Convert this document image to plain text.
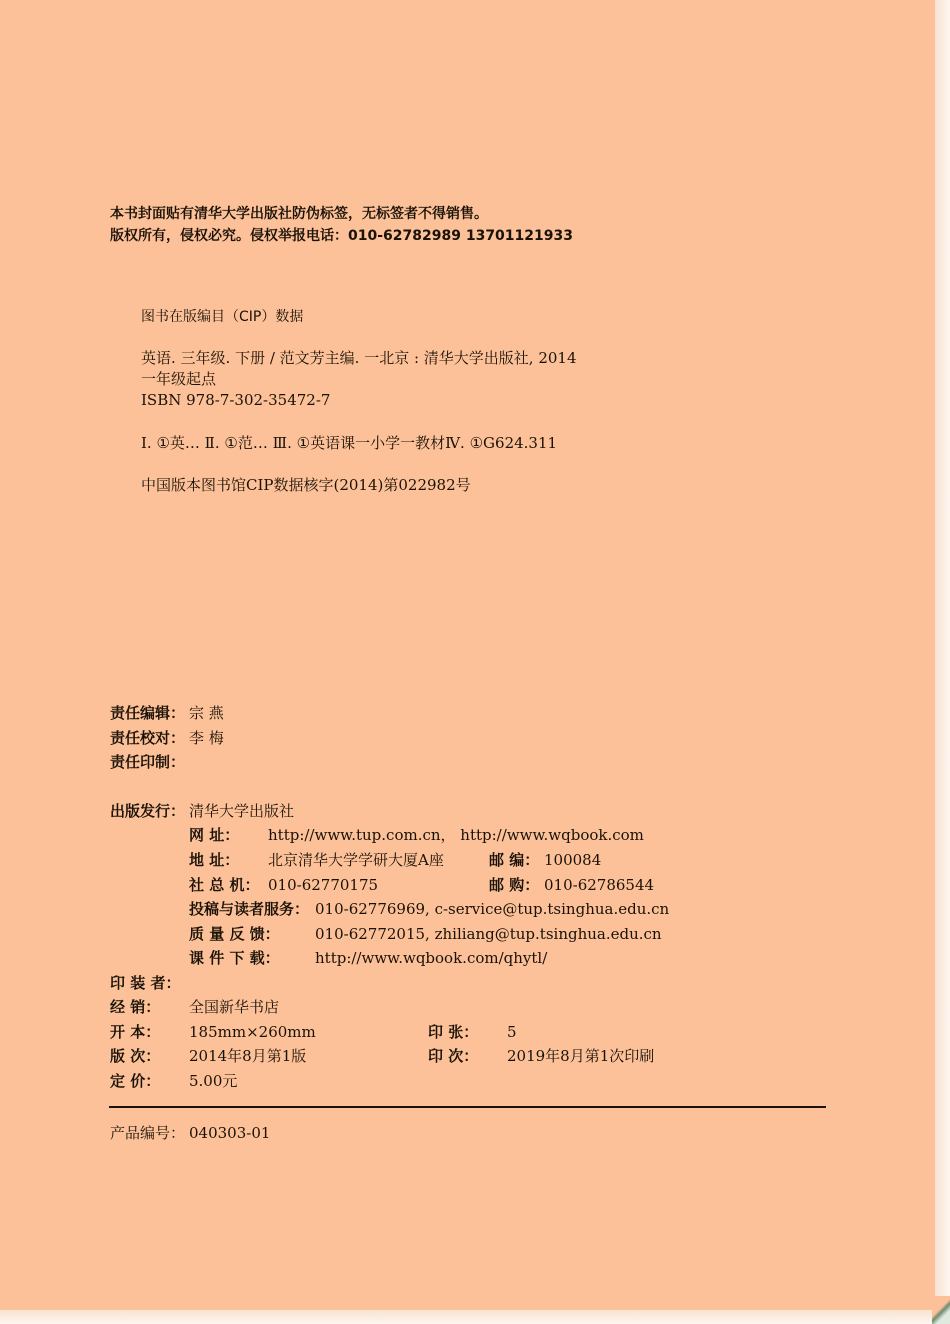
本书封面贴有清华大学出版社防伪标签，无标签者不得销售。
版权所有，侵权必究。侵权举报电话：010-62782989 13701121933
图书在版编目（CIP）数据
英语. 三年级. 下册 / 范文芳主编. 一北京 : 清华大学出版社, 2014
一年级起点
ISBN 978-7-302-35472-7
Ⅰ. ①英… Ⅱ. ①范… Ⅲ. ①英语课一小学一教材Ⅳ. ①G624.311
中国版本图书馆CIP数据核字(2014)第022982号
责任编辑： 宗 燕
责任校对： 李 梅
责任印制：
出版发行： 清华大学出版社
网 址： http://www.tup.com.cn， http://www.wqbook.com
地 址： 北京清华大学学研大厦A座	邮 编： 100084
社 总 机： 010-62770175	邮 购： 010-62786544
投稿与读者服务： 010-62776969, c-service@tup.tsinghua.edu.cn
质 量 反 馈： 010-62772015, zhiliang@tup.tsinghua.edu.cn
课 件 下 载： http://www.wqbook.com/qhytl/
印 装 者：
经 销： 全国新华书店
开 本： 185mm×260mm	印 张： 5
版 次： 2014年8月第1版	印 次： 2019年8月第1次印刷
定 价： 5.00元
产品编号： 040303-01
